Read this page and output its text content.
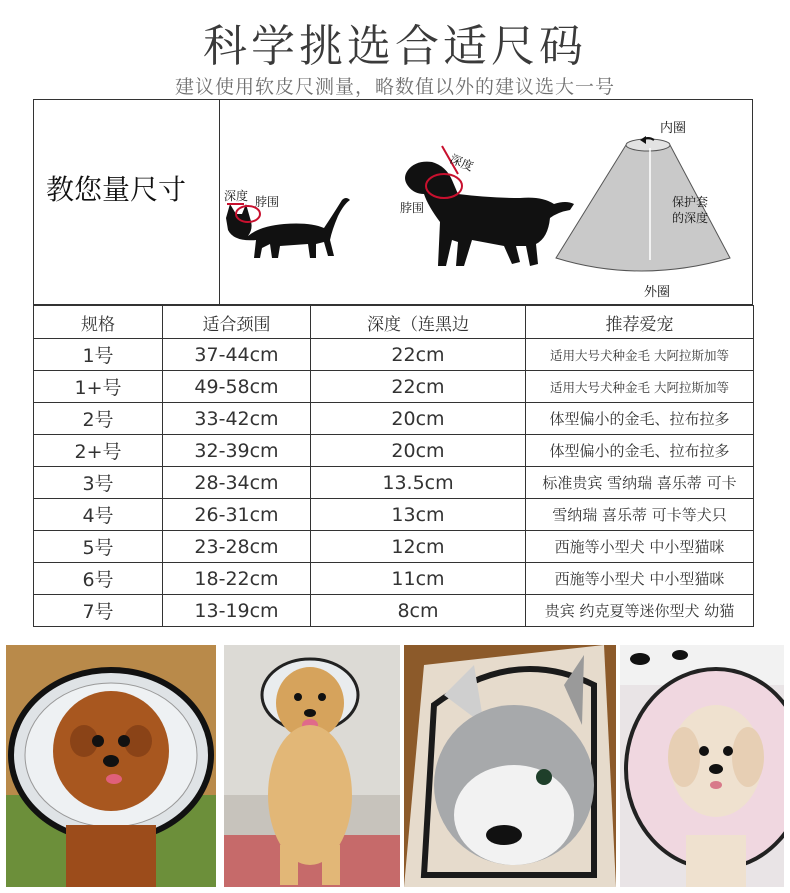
科学挑选合适尺码
建议使用软皮尺测量，略数值以外的建议选大一号
教您量尺寸	深度 脖围
深度
脖围
内圈
外圈
保护套
的深度
规格	适合颈围	深度（连黑边	推荐爱宠
1号	37-44cm	22cm	适用大号犬种金毛 大阿拉斯加等
1+号	49-58cm	22cm	适用大号犬种金毛 大阿拉斯加等
2号	33-42cm	20cm	体型偏小的金毛、拉布拉多
2+号	32-39cm	20cm	体型偏小的金毛、拉布拉多
3号	28-34cm	13.5cm	标准贵宾 雪纳瑞 喜乐蒂 可卡
4号	26-31cm	13cm	雪纳瑞 喜乐蒂 可卡等犬只
5号	23-28cm	12cm	西施等小型犬 中小型猫咪
6号	18-22cm	11cm	西施等小型犬 中小型猫咪
7号	13-19cm	8cm	贵宾 约克夏等迷你型犬 幼猫
